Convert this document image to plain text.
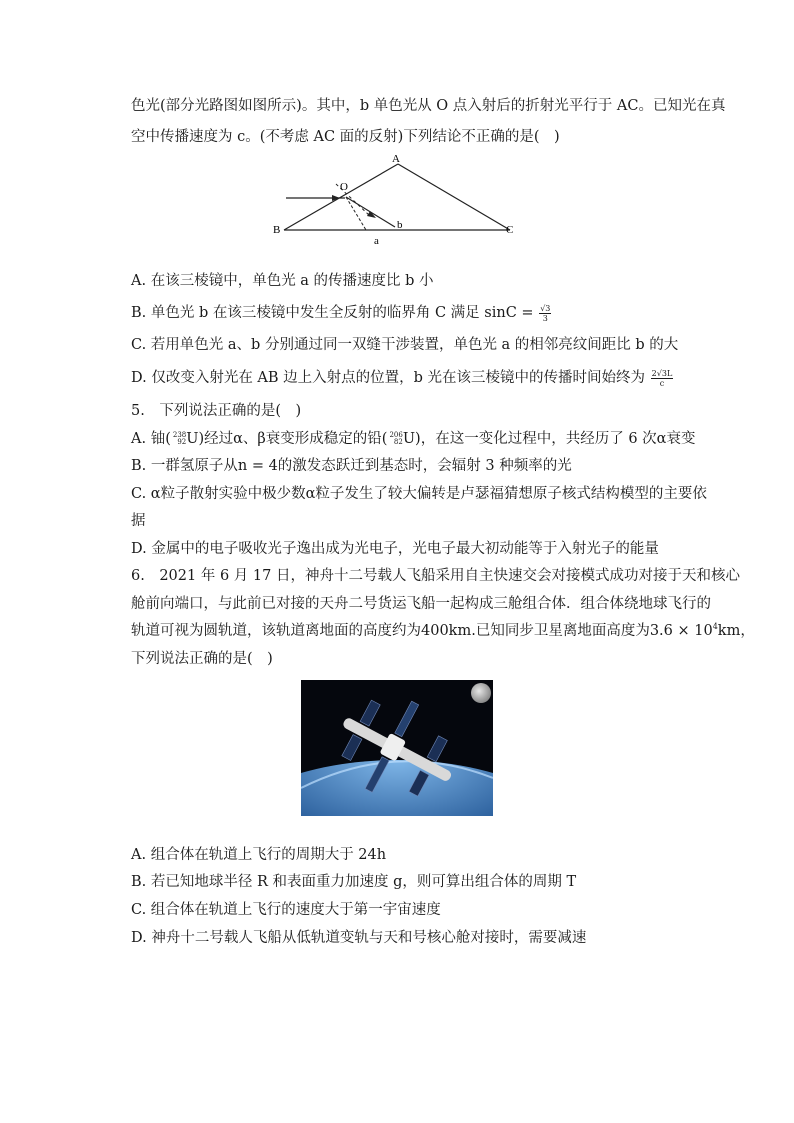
色光(部分光路图如图所示)。其中，b 单色光从 O 点入射后的折射光平行于 AC。已知光在真
空中传播速度为 c。(不考虑 AC 面的反射)下列结论不正确的是(　)
A
B	C
O
a
b
A. 在该三棱镜中，单色光 a 的传播速度比 b 小
B. 单色光 b 在该三棱镜中发生全反射的临界角 C 满足 $\sin C = \frac{√3}{3}$
C. 若用单色光 a、b 分别通过同一双缝干涉装置，单色光 a 的相邻亮纹间距比 b 的大
D. 仅改变入射光在 AB 边上入射点的位置，b 光在该三棱镜中的传播时间始终为 $\frac{2√3L}{c}$
5.　下列说法正确的是(　)
A. 铀( 238
92 U)经过α、β衰变形成稳定的铅( 206
82 U)，在这一变化过程中，共经历了 6 次α衰变
B. 一群氢原子从n = 4的激发态跃迁到基态时，会辐射 3 种频率的光
C. α粒子散射实验中极少数α粒子发生了较大偏转是卢瑟福猜想原子核式结构模型的主要依
据
D. 金属中的电子吸收光子逸出成为光电子，光电子最大初动能等于入射光子的能量
6.　2021 年 6 月 17 日，神舟十二号载人飞船采用自主快速交会对接模式成功对接于天和核心
舱前向端口，与此前已对接的天舟二号货运飞船一起构成三舱组合体．组合体绕地球飞行的
轨道可视为圆轨道，该轨道离地面的高度约为400km.已知同步卫星离地面高度为$3.6 \times 10^4km$，
下列说法正确的是(　)
A. 组合体在轨道上飞行的周期大于 24h
B. 若已知地球半径 R 和表面重力加速度 g，则可算出组合体的周期 T
C. 组合体在轨道上飞行的速度大于第一宇宙速度
D. 神舟十二号载人飞船从低轨道变轨与天和号核心舱对接时，需要减速
